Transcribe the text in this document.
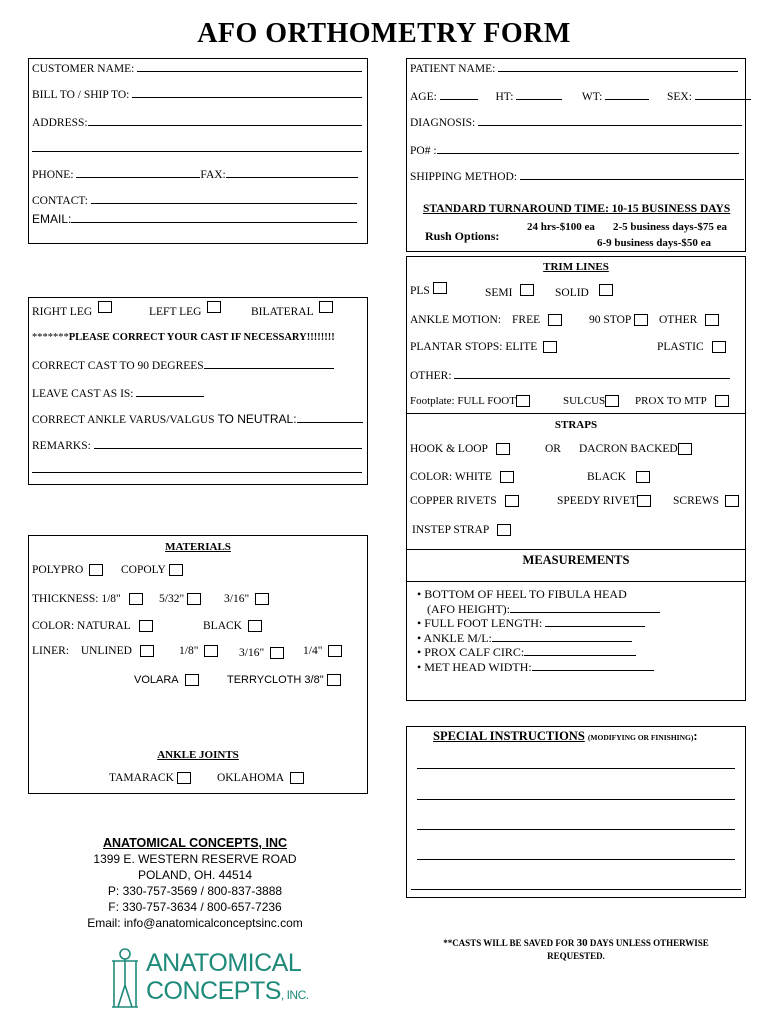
AFO ORTHOMETRY FORM
CUSTOMER NAME:
BILL TO / SHIP TO:
ADDRESS:
PHONE:	FAX:
CONTACT:
EMAIL:
PATIENT NAME:
AGE:	HT:	WT:	SEX:
DIAGNOSIS:
PO# :
SHIPPING METHOD:
STANDARD TURNAROUND TIME: 10-15 BUSINESS DAYS
Rush Options:
24 hrs-$100 ea 2-5 business days-$75 ea
6-9 business days-$50 ea
RIGHT LEG	LEFT LEG	BILATERAL
*******PLEASE CORRECT YOUR CAST IF NECESSARY!!!!!!!!
CORRECT CAST TO 90 DEGREES
LEAVE CAST AS IS:
CORRECT ANKLE VARUS/VALGUS TO NEUTRAL:
REMARKS:
TRIM LINES
PLS	SEMI	SOLID
ANKLE MOTION: FREE	90 STOP	OTHER
PLANTAR STOPS: ELITE	PLASTIC
OTHER:
Footplate: FULL FOOT	SULCUS	PROX TO MTP
STRAPS
HOOK & LOOP	OR DACRON BACKED
COLOR: WHITE	BLACK
COPPER RIVETS	SPEEDY RIVET	SCREWS
INSTEP STRAP
MEASUREMENTS
• BOTTOM OF HEEL TO FIBULA HEAD
(AFO HEIGHT):
• FULL FOOT LENGTH:
• ANKLE M/L:
• PROX CALF CIRC:
• MET HEAD WIDTH:
MATERIALS
POLYPRO	COPOLY
THICKNESS: 1/8"	5/32"	3/16"
COLOR: NATURAL	BLACK
LINER: UNLINED	1/8"	3/16"	1/4"
VOLARA	TERRYCLOTH 3/8"
ANKLE JOINTS
TAMARACK	OKLAHOMA
SPECIAL INSTRUCTIONS (MODIFYING OR FINISHING):
**CASTS WILL BE SAVED FOR 30 DAYS UNLESS OTHERWISE
REQUESTED.
ANATOMICAL CONCEPTS, INC
1399 E. WESTERN RESERVE ROAD
POLAND, OH. 44514
P: 330-757-3569 / 800-837-3888
F: 330-757-3634 / 800-657-7236
Email: info@anatomicalconceptsinc.com
ANATOMICAL
CONCEPTS, INC.
